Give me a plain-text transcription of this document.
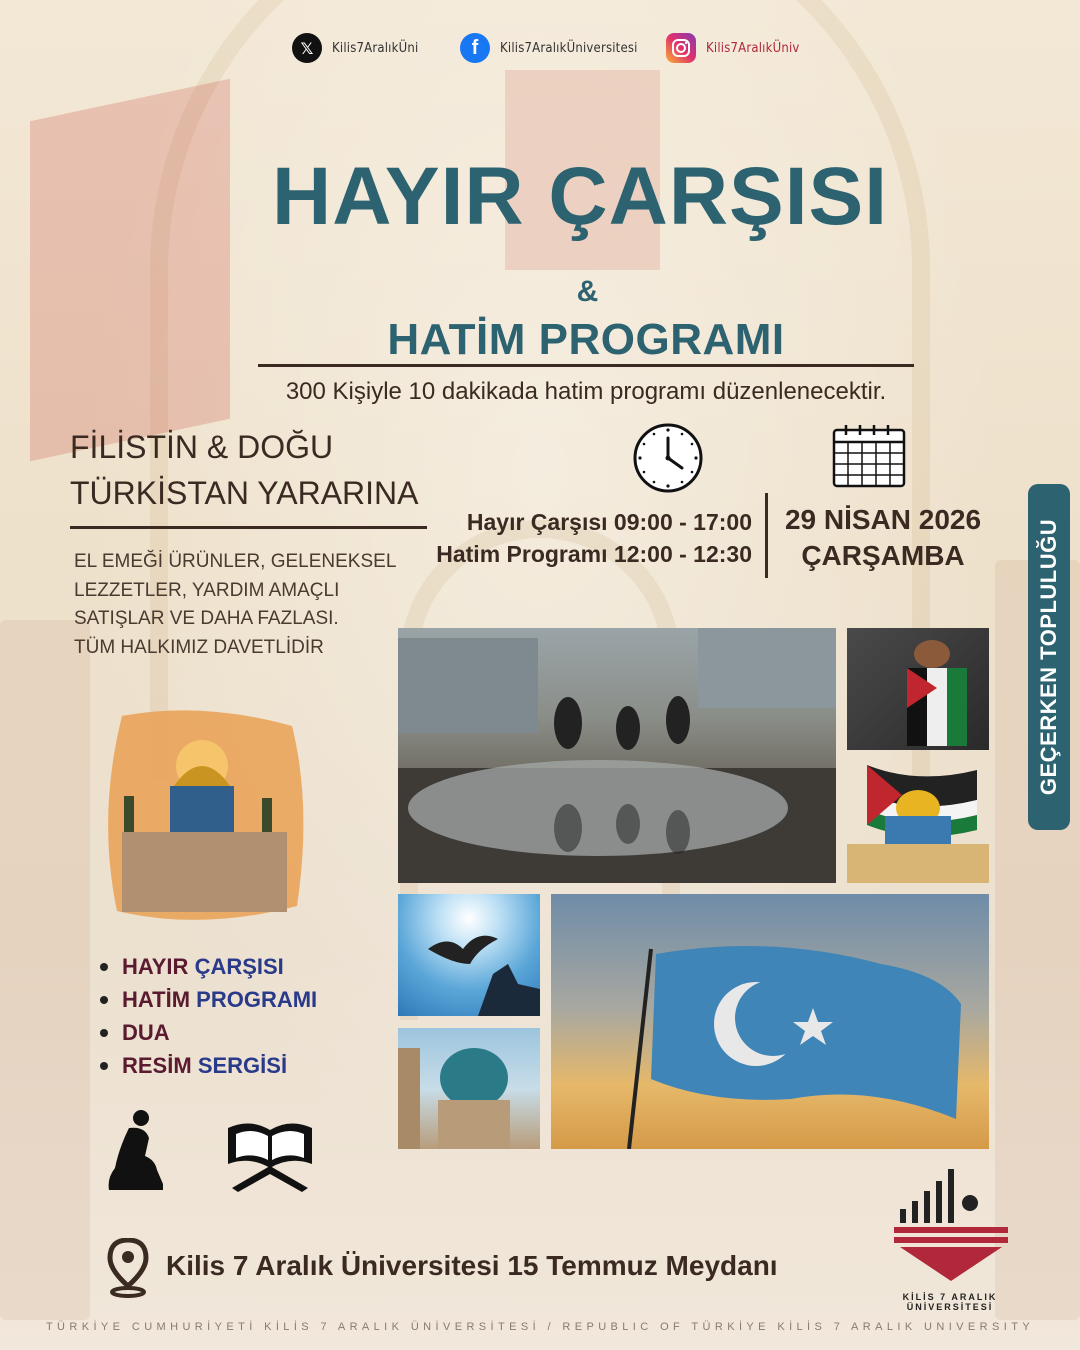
𝕏	Kilis7AralıkÜni	f	Kilis7AralıkÜniversitesi	Kilis7AralıkÜniv
HAYIR ÇARŞISI
&
HATİM PROGRAMI
300 Kişiyle 10 dakikada hatim programı düzenlenecektir.
FİLİSTİN & DOĞU
TÜRKİSTAN YARARINA
EL EMEĞİ ÜRÜNLER, GELENEKSEL
LEZZETLER, YARDIM AMAÇLI
SATIŞLAR VE DAHA FAZLASI.
TÜM HALKIMIZ DAVETLİDİR
Hayır Çarşısı 09:00 - 17:00
Hatim Programı 12:00 - 12:30
29 NİSAN 2026
ÇARŞAMBA	GEÇERKEN TOPLULUĞU
HAYIR
ÇARŞISI
HATİM
PROGRAMI
DUA
RESİM
SERGİSİ
Kilis 7 Aralık Üniversitesi 15 Temmuz Meydanı
KİLİS 7 ARALIK
ÜNİVERSİTESİ
TÜRKİYE CUMHURİYETİ KİLİS 7 ARALIK ÜNİVERSİTESİ / REPUBLIC OF TÜRKİYE KİLİS 7 ARALIK UNIVERSITY
